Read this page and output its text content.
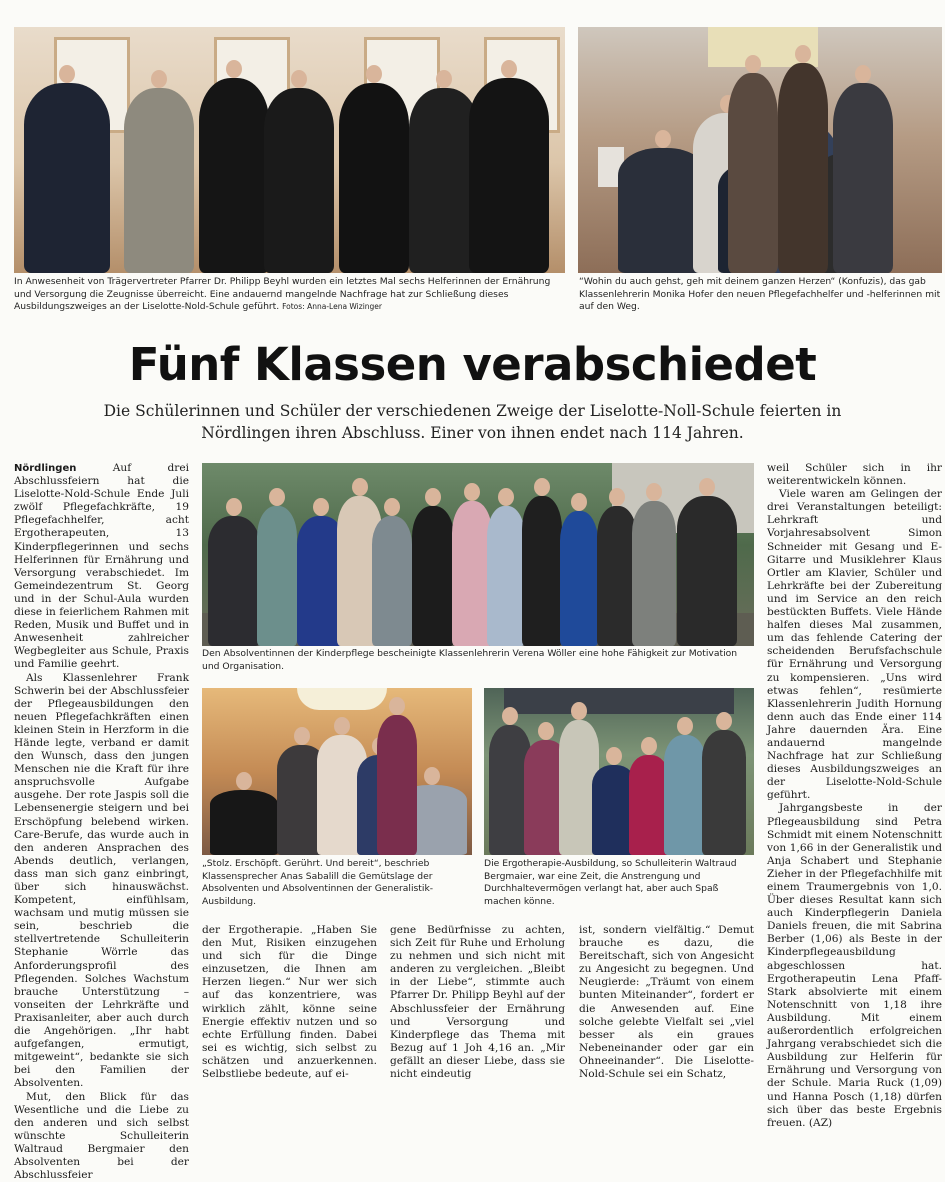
In Anwesenheit von Trägervertreter Pfarrer Dr. Philipp Beyhl wurden ein letztes Mal sechs Helferinnen der Ernährung und Versorgung die Zeugnisse überreicht. Eine andauernd mangelnde Nachfrage hat zur Schließung dieses Ausbildungszweiges an der Liselotte-Nold-Schule geführt. Fotos: Anna-Lena Wizinger
“Wohin du auch gehst, geh mit deinem ganzen Herzen“ (Konfuzis), das gab Klassenlehrerin Monika Hofer den neuen Pflegefachhelfer und -helferinnen mit auf den Weg.
Fünf Klassen verabschiedet
Die Schülerinnen und Schüler der verschiedenen Zweige der Liselotte-Noll-Schule feierten in Nördlingen ihren Abschluss. Einer von ihnen endet nach 114 Jahren.

Nördlingen	Auf drei Abschlussfeiern hat die Liselotte-Nold-Schule Ende Juli zwölf Pflegefachkräfte, 19 Pflegefachhelfer, acht Ergotherapeuten, 13 Kinderpflegerinnen und sechs Helferinnen für Ernährung und Versorgung verabschiedet. Im Gemeindezentrum St. Georg und in der Schul-Aula wurden diese in feierlichem Rahmen mit Reden, Musik und Buffet und in Anwesenheit zahlreicher Wegbegleiter aus Schule, Praxis und Familie geehrt.

Als Klassenlehrer Frank Schwerin bei der Abschlussfeier der Pflegeausbildungen den neuen Pflegefachkräften einen kleinen Stein in Herzform in die Hände legte, verband er damit den Wunsch, dass den jungen Menschen nie die Kraft für ihre anspruchsvolle Aufgabe ausgehe. Der rote Jaspis soll die Lebensenergie steigern und bei Erschöpfung belebend wirken. Care-Berufe, das wurde auch in den anderen Ansprachen des Abends deutlich, verlangen, dass man sich ganz einbringt, über sich hinauswächst. Kompetent, einfühlsam, wachsam und mutig müssen sie sein, beschrieb die stellvertretende Schulleiterin Stephanie Wörrle das Anforderungsprofil des Pflegenden. Solches Wachstum brauche Unterstützung – vonseiten der Lehrkräfte und Praxisanleiter, aber auch durch die Angehörigen. „Ihr habt aufgefangen, ermutigt, mitgeweint“, bedankte sie sich bei den Familien der Absolventen.

Mut, den Blick für das Wesentliche und die Liebe zu den anderen und sich selbst wünschte Schulleiterin Waltraud Bergmaier den Absolventen bei der Abschlussfeier

Den Absolventinnen der Kinderpflege bescheinigte Klassenlehrerin Verena Wöller eine hohe Fähigkeit zur Motivation und Organisation.
„Stolz. Erschöpft. Gerührt. Und bereit“, beschrieb Klassensprecher Anas Sabalill die Gemütslage der Absolventen und Absolventinnen der Generalistik-Ausbildung.
Die Ergotherapie-Ausbildung, so Schulleiterin Waltraud Bergmaier, war eine Zeit, die Anstrengung und Durchhaltevermögen verlangt hat, aber auch Spaß machen könne.

der Ergotherapie. „Haben Sie den Mut, Risiken einzugehen und sich für die Dinge einzusetzen, die Ihnen am Herzen liegen.“ Nur wer sich auf das konzentriere, was wirklich zählt, könne seine Energie effektiv nutzen und so echte Erfüllung finden. Dabei sei es wichtig, sich selbst zu schätzen und anzuerkennen. Selbstliebe bedeute, auf ei-

gene Bedürfnisse zu achten, sich Zeit für Ruhe und Erholung zu nehmen und sich nicht mit anderen zu vergleichen. „Bleibt in der Liebe“, stimmte auch Pfarrer Dr. Philipp Beyhl auf der Abschlussfeier der Ernährung und Versorgung und Kinderpflege das Thema mit Bezug auf 1 Joh 4,16 an. „Mir gefällt an dieser Liebe, dass sie nicht eindeutig

ist, sondern vielfältig.“ Demut brauche es dazu, die Bereitschaft, sich von Angesicht zu Angesicht zu begegnen. Und Neugierde: „Träumt von einem bunten Miteinander“, fordert er die Anwesenden auf. Eine solche gelebte Vielfalt sei „viel besser als ein graues Nebeneinander oder gar ein Ohneeinander“. Die Liselotte-Nold-Schule sei ein Schatz,

weil Schüler sich in ihr weiterentwickeln können.

Viele waren am Gelingen der drei Veranstaltungen beteiligt: Lehrkraft und Vorjahresabsolvent Simon Schneider mit Gesang und E-Gitarre und Musiklehrer Klaus Ortler am Klavier, Schüler und Lehrkräfte bei der Zubereitung und im Service an den reich bestückten Buffets. Viele Hände halfen dieses Mal zusammen, um das fehlende Catering der scheidenden Berufsfachschule für Ernährung und Versorgung zu kompensieren. „Uns wird etwas fehlen“, resümierte Klassenlehrerin Judith Hornung denn auch das Ende einer 114 Jahre dauernden Ära. Eine andauernd mangelnde Nachfrage hat zur Schließung dieses Ausbildungszweiges an der Liselotte-Nold-Schule geführt.

Jahrgangsbeste in der Pflegeausbildung sind Petra Schmidt mit einem Notenschnitt von 1,66 in der Generalistik und Anja Schabert und Stephanie Zieher in der Pflegefachhilfe mit einem Traumergebnis von 1,0. Über dieses Resultat kann sich auch Kinderpflegerin Daniela Daniels freuen, die mit Sabrina Berber (1,06) als Beste in der Kinderpflegeausbildung abgeschlossen hat. Ergotherapeutin Lena Pfaff-Stark absolvierte mit einem Notenschnitt von 1,18 ihre Ausbildung. Mit einem außerordentlich erfolgreichen Jahrgang verabschiedet sich die Ausbildung zur Helferin für Ernährung und Versorgung von der Schule. Maria Ruck (1,09) und Hanna Posch (1,18) dürfen sich über das beste Ergebnis freuen. (AZ)
